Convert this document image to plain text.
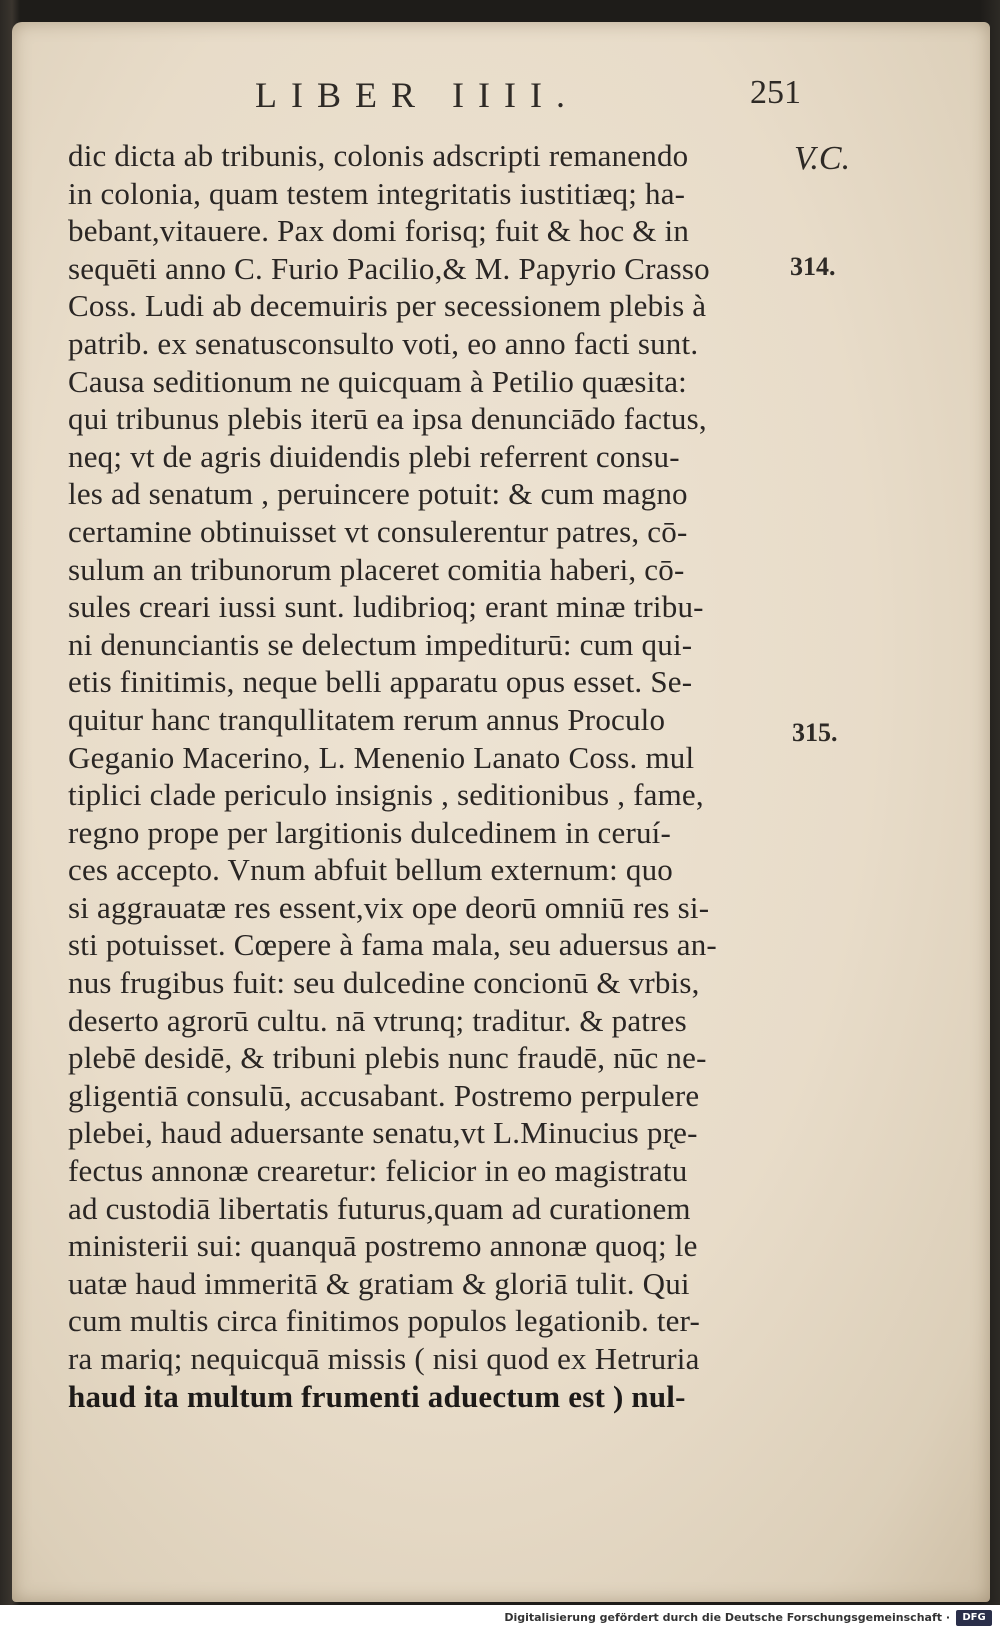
LIBER IIII.	251
V.C.
314.
315.
dic dicta ab tribunis, colonis adscripti remanendo
in colonia, quam testem integritatis iustitiæq; ha-
bebant,vitauere. Pax domi forisq; fuit & hoc & in
sequēti anno C. Furio Pacilio,& M. Papyrio Crasso
Coss. Ludi ab decemuiris per secessionem plebis à
patrib. ex senatusconsulto voti, eo anno facti sunt.
Causa seditionum ne quicquam à Petilio quæsita:
qui tribunus plebis iterū ea ipsa denunciādo factus,
neq; vt de agris diuidendis plebi referrent consu-
les ad senatum , peruincere potuit: & cum magno
certamine obtinuisset vt consulerentur patres, cō-
sulum an tribunorum placeret comitia haberi, cō-
sules creari iussi sunt. ludibrioq; erant minæ tribu-
ni denunciantis se delectum impediturū: cum qui-
etis finitimis, neque belli apparatu opus esset. Se-
quitur hanc tranqullitatem rerum annus Proculo
Geganio Macerino, L. Menenio Lanato Coss. mul
tiplici clade periculo insignis , seditionibus , fame,
regno prope per largitionis dulcedinem in ceruí-
ces accepto. Vnum abfuit bellum externum: quo
si aggrauatæ res essent,vix ope deorū omniū res si-
sti potuisset. Cœpere à fama mala, seu aduersus an-
nus frugibus fuit: seu dulcedine concionū & vrbis,
deserto agrorū cultu. nā vtrunq; traditur. & patres
plebē desidē, & tribuni plebis nunc fraudē, nūc ne-
gligentiā consulū, accusabant. Postremo perpulere
plebei, haud aduersante senatu,vt L.Minucius pr̨e-
fectus annonæ crearetur: felicior in eo magistratu
ad custodiā libertatis futurus,quam ad curationem
ministerii sui: quanquā postremo annonæ quoq; le
uatæ haud immeritā & gratiam & gloriā tulit. Qui
cum multis circa finitimos populos legationib. ter-
ra mariq; nequicquā missis ( nisi quod ex Hetruria
haud ita multum frumenti aduectum est ) nul-
Digitalisierung gefördert durch die Deutsche Forschungsgemeinschaft ·	DFG
